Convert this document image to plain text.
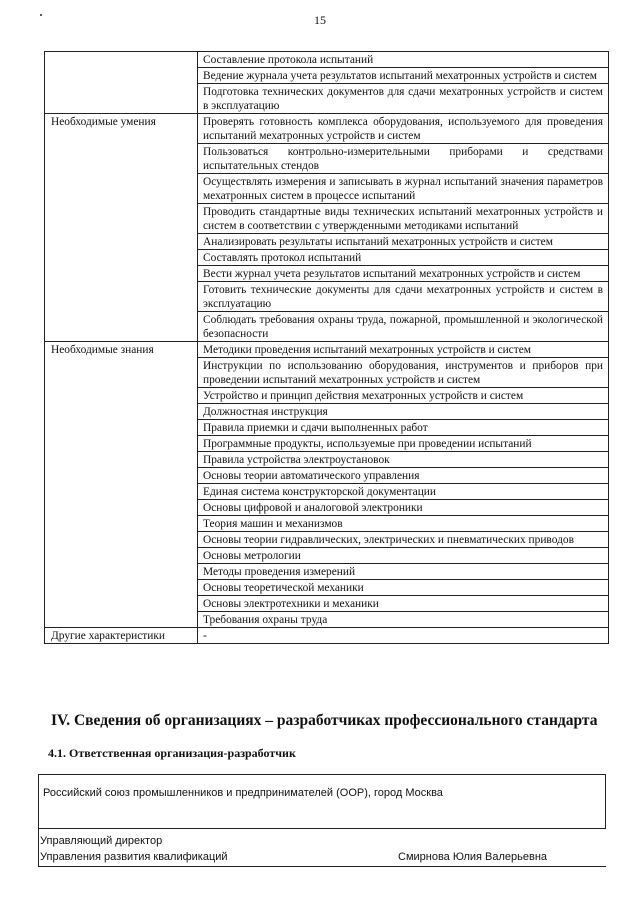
15
	Составление протокола испытаний
	Ведение журнала учета результатов испытаний мехатронных устройств и систем
	Подготовка технических документов для сдачи мехатронных устройств и систем в эксплуатацию
Необходимые умения	Проверять готовность комплекса оборудования, используемого для проведения испытаний мехатронных устройств и систем
	Пользоваться контрольно-измерительными приборами и средствами испытательных стендов
	Осуществлять измерения и записывать в журнал испытаний значения параметров мехатронных систем в процессе испытаний
	Проводить стандартные виды технических испытаний мехатронных устройств и систем в соответствии с утвержденными методиками испытаний
	Анализировать результаты испытаний мехатронных устройств и систем
	Составлять протокол испытаний
	Вести журнал учета результатов испытаний мехатронных устройств и систем
	Готовить технические документы для сдачи мехатронных устройств и систем в эксплуатацию
	Соблюдать требования охраны труда, пожарной, промышленной и экологической безопасности
Необходимые знания	Методики проведения испытаний мехатронных устройств и систем
	Инструкции по использованию оборудования, инструментов и приборов при проведении испытаний мехатронных устройств и систем
	Устройство и принцип действия мехатронных устройств и систем
	Должностная инструкция
	Правила приемки и сдачи выполненных работ
	Программные продукты, используемые при проведении испытаний
	Правила устройства электроустановок
	Основы теории автоматического управления
	Единая система конструкторской документации
	Основы цифровой и аналоговой электроники
	Теория машин и механизмов
	Основы теории гидравлических, электрических и пневматических приводов
	Основы метрологии
	Методы проведения измерений
	Основы теоретической механики
	Основы электротехники и механики
	Требования охраны труда
Другие характеристики	-
IV. Сведения об организациях – разработчиках профессионального стандарта
4.1. Ответственная организация-разработчик
Российский союз промышленников и предпринимателей (ООР), город Москва
Управляющий директор
Управления развития квалификаций	Смирнова Юлия Валерьевна
